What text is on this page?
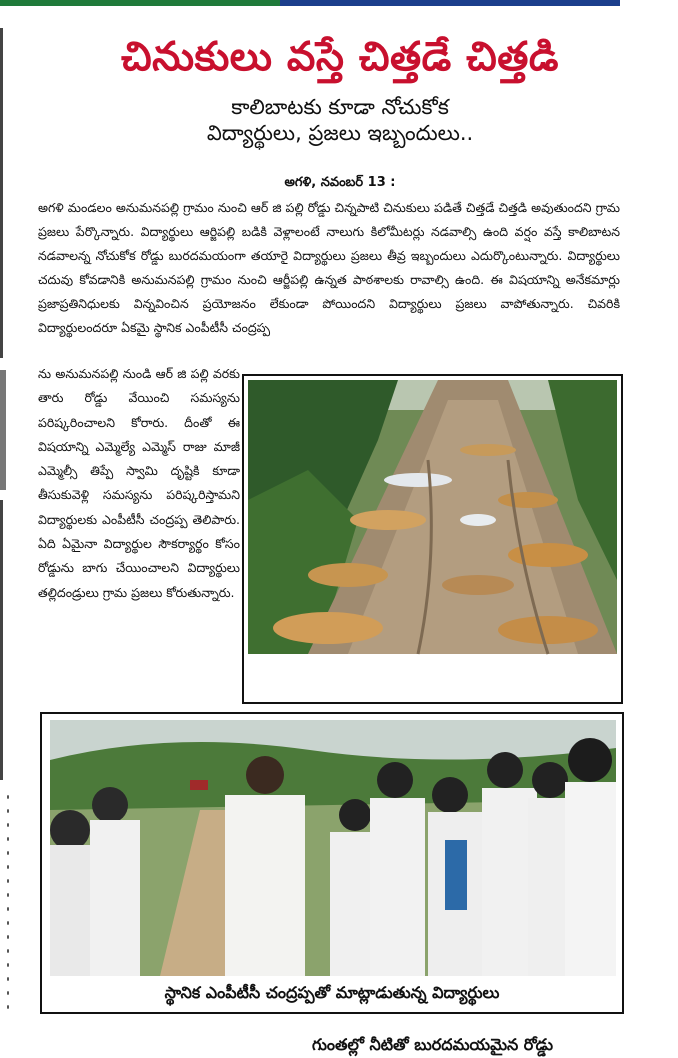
చినుకులు వస్తే చిత్తడే చిత్తడి
కాలిబాటకు కూడా నోచుకోక
విద్యార్థులు, ప్రజలు ఇబ్బందులు..
అగళి, నవంబర్ 13 :

అగళి మండలం అనుమనపల్లి గ్రామం నుంచి ఆర్ జి పల్లి రోడ్డు చిన్నపాటి చినుకులు పడితే చిత్తడే చిత్తడి అవుతుందని గ్రామ ప్రజలు పేర్కొన్నారు. విద్యార్థులు ఆర్జిపల్లి బడికి వెళ్లాలంటే నాలుగు కిలోమీటర్లు నడవాల్సి ఉంది వర్షం వస్తే కాలిబాటన నడవాలన్న నోచుకోక రోడ్డు బురదమయంగా తయారై విద్యార్థులు ప్రజలు తీవ్ర ఇబ్బందులు ఎదుర్కొంటున్నారు. విద్యార్థులు చదువు కోవడానికి అనుమనపల్లి గ్రామం నుంచి ఆర్జీపల్లి ఉన్నత పాఠశాలకు రావాల్సి ఉంది. ఈ విషయాన్ని అనేకమార్లు ప్రజాప్రతినిధులకు విన్నవించిన ప్రయోజనం లేకుండా పోయిందని విద్యార్థులు ప్రజలు వాపోతున్నారు. చివరికి విద్యార్థులందరూ ఏకమై స్థానిక ఎంపీటీసీ చంద్రప్ప

ను అనుమనపల్లి నుండి ఆర్ జి పల్లి వరకు తారు రోడ్డు వేయించి సమస్యను పరిష్కరించాలని కోరారు. దీంతో ఈ విషయాన్ని ఎమ్మెల్యే ఎమ్మెస్ రాజు మాజీ ఎమ్మెల్సీ తిప్పే స్వామి దృష్టికి కూడా తీసుకువెళ్లి సమస్యను పరిష్కరిస్తామని విద్యార్థులకు ఎంపీటీసీ చంద్రప్ప తెలిపారు. ఏది ఏమైనా విద్యార్థుల సౌకర్యార్థం కోసం రోడ్డును బాగు చేయించాలని విద్యార్థులు తల్లిదండ్రులు గ్రామ ప్రజలు కోరుతున్నారు.

గుంతల్లో నీటితో బురదమయమైన రోడ్డు
స్థానిక ఎంపీటీసీ చంద్రప్పతో మాట్లాడుతున్న విద్యార్థులు
